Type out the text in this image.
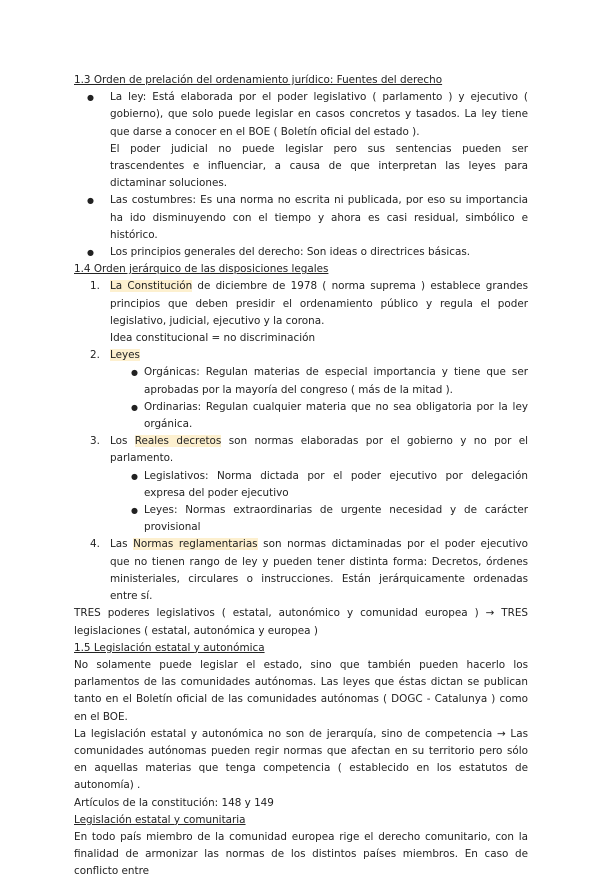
1.3 Orden de prelación del ordenamiento jurídico: Fuentes del derecho
● La ley: Está elaborada por el poder legislativo ( parlamento ) y ejecutivo ( gobierno), que solo puede legislar en casos concretos y tasados. La ley tiene que darse a conocer en el BOE ( Boletín oficial del estado ).
El poder judicial no puede legislar pero sus sentencias pueden ser trascendentes e influenciar, a causa de que interpretan las leyes para dictaminar soluciones.
● Las costumbres: Es una norma no escrita ni publicada, por eso su importancia ha ido disminuyendo con el tiempo y ahora es casi residual, simbólico e histórico.
● Los principios generales del derecho: Son ideas o directrices básicas.
1.4 Orden jerárquico de las disposiciones legales
1. La Constitución de diciembre de 1978 ( norma suprema ) establece grandes principios que deben presidir el ordenamiento público y regula el poder legislativo, judicial, ejecutivo y la corona.
Idea constitucional = no discriminación
2. Leyes
● Orgánicas: Regulan materias de especial importancia y tiene que ser aprobadas por la mayoría del congreso ( más de la mitad ).
● Ordinarias: Regulan cualquier materia que no sea obligatoria por la ley orgánica.
3. Los Reales decretos son normas elaboradas por el gobierno y no por el parlamento.
● Legislativos: Norma dictada por el poder ejecutivo por delegación expresa del poder ejecutivo
● Leyes: Normas extraordinarias de urgente necesidad y de carácter provisional
4. Las Normas reglamentarias son normas dictaminadas por el poder ejecutivo que no tienen rango de ley y pueden tener distinta forma: Decretos, órdenes ministeriales, circulares o instrucciones. Están jerárquicamente ordenadas entre sí.
TRES poderes legislativos ( estatal, autonómico y comunidad europea ) → TRES legislaciones ( estatal, autonómica y europea )
1.5 Legislación estatal y autonómica
No solamente puede legislar el estado, sino que también pueden hacerlo los parlamentos de las comunidades autónomas. Las leyes que éstas dictan se publican tanto en el Boletín oficial de las comunidades autónomas ( DOGC - Catalunya ) como en el BOE.
La legislación estatal y autonómica no son de jerarquía, sino de competencia → Las comunidades autónomas pueden regir normas que afectan en su territorio pero sólo en aquellas materias que tenga competencia ( establecido en los estatutos de autonomía) .
Artículos de la constitución: 148 y 149
Legislación estatal y comunitaria
En todo país miembro de la comunidad europea rige el derecho comunitario, con la finalidad de armonizar las normas de los distintos países miembros. En caso de conflicto entre
